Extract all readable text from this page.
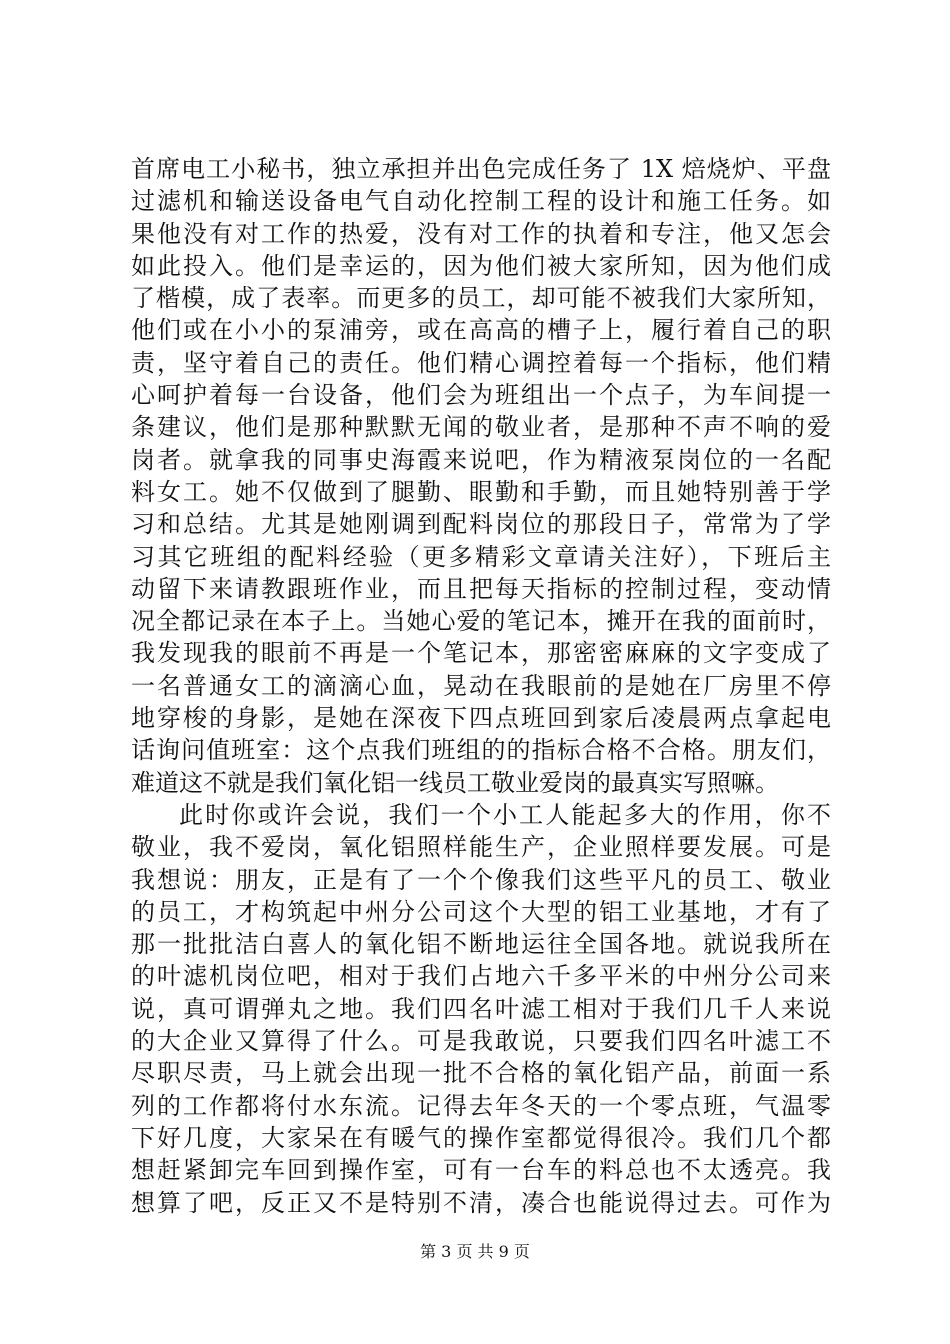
首席电工小秘书，独立承担并出色完成任务了 1X 焙烧炉、平盘
过滤机和输送设备电气自动化控制工程的设计和施工任务。如
果他没有对工作的热爱，没有对工作的执着和专注，他又怎会
如此投入。他们是幸运的，因为他们被大家所知，因为他们成
了楷模，成了表率。而更多的员工，却可能不被我们大家所知，
他们或在小小的泵浦旁，或在高高的槽子上，履行着自己的职
责，坚守着自己的责任。他们精心调控着每一个指标，他们精
心呵护着每一台设备，他们会为班组出一个点子，为车间提一
条建议，他们是那种默默无闻的敬业者，是那种不声不响的爱
岗者。就拿我的同事史海霞来说吧，作为精液泵岗位的一名配
料女工。她不仅做到了腿勤、眼勤和手勤，而且她特别善于学
习和总结。尤其是她刚调到配料岗位的那段日子，常常为了学
习其它班组的配料经验（更多精彩文章请关注好），下班后主
动留下来请教跟班作业，而且把每天指标的控制过程，变动情
况全都记录在本子上。当她心爱的笔记本，摊开在我的面前时，
我发现我的眼前不再是一个笔记本，那密密麻麻的文字变成了
一名普通女工的滴滴心血，晃动在我眼前的是她在厂房里不停
地穿梭的身影，是她在深夜下四点班回到家后凌晨两点拿起电
话询问值班室：这个点我们班组的的指标合格不合格。朋友们，
难道这不就是我们氧化铝一线员工敬业爱岗的最真实写照嘛。
此时你或许会说，我们一个小工人能起多大的作用，你不
敬业，我不爱岗，氧化铝照样能生产，企业照样要发展。可是
我想说：朋友，正是有了一个个像我们这些平凡的员工、敬业
的员工，才构筑起中州分公司这个大型的铝工业基地，才有了
那一批批洁白喜人的氧化铝不断地运往全国各地。就说我所在
的叶滤机岗位吧，相对于我们占地六千多平米的中州分公司来
说，真可谓弹丸之地。我们四名叶滤工相对于我们几千人来说
的大企业又算得了什么。可是我敢说，只要我们四名叶滤工不
尽职尽责，马上就会出现一批不合格的氧化铝产品，前面一系
列的工作都将付水东流。记得去年冬天的一个零点班，气温零
下好几度，大家呆在有暖气的操作室都觉得很冷。我们几个都
想赶紧卸完车回到操作室，可有一台车的料总也不太透亮。我
想算了吧，反正又不是特别不清，凑合也能说得过去。可作为
第 3 页 共 9 页
